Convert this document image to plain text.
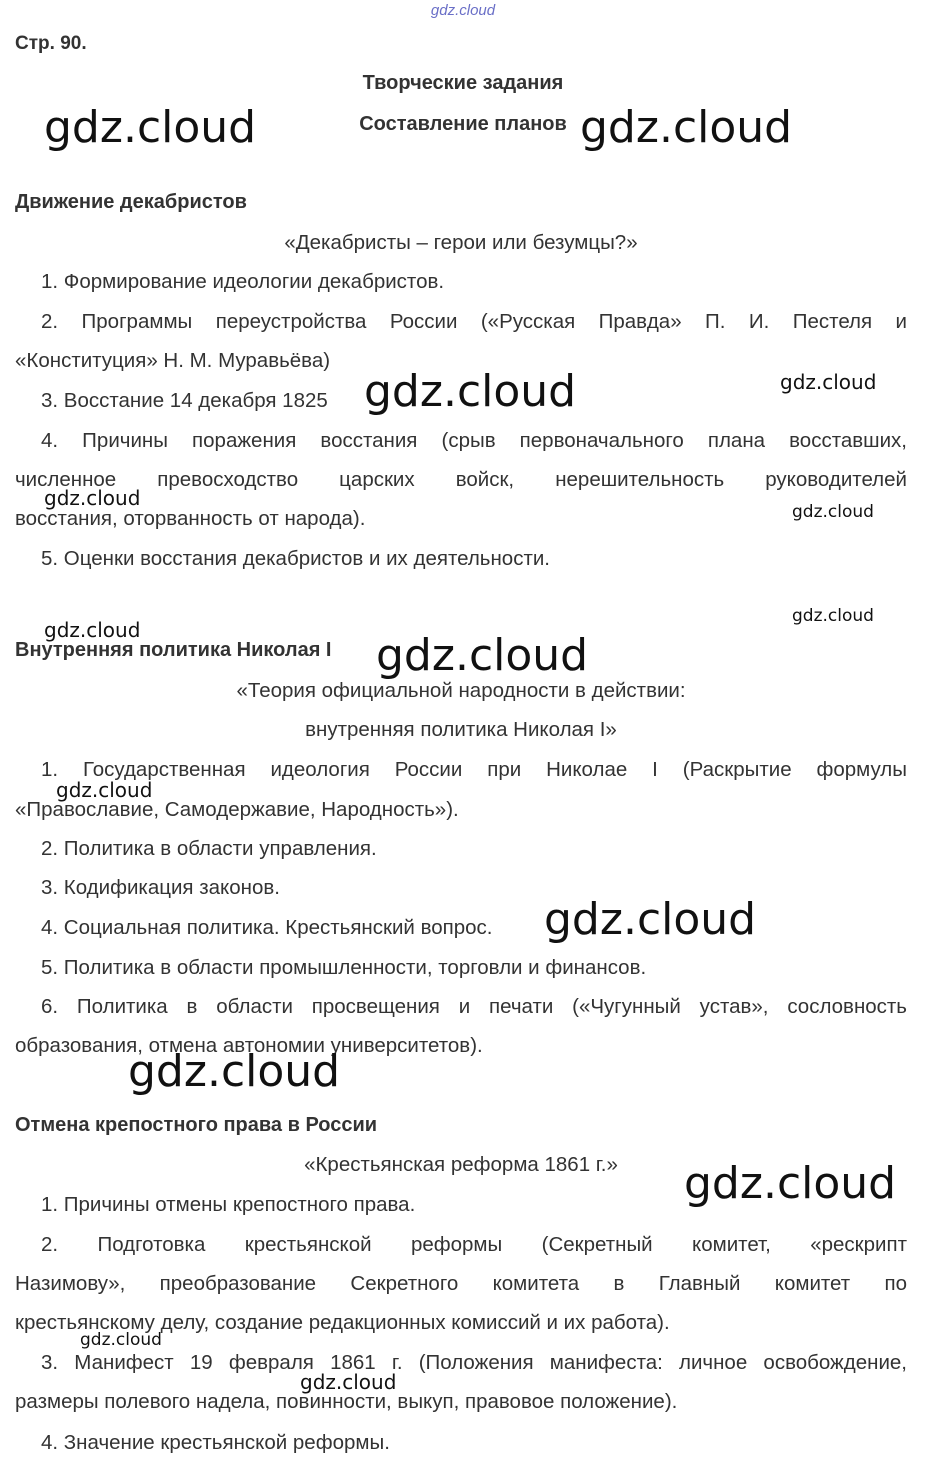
gdz.cloud
Стр. 90.
Творческие задания
Составление планов
Движение декабристов
«Декабристы – герои или безумцы?»
1. Формирование идеологии декабристов.
2. Программы переустройства России («Русская Правда» П. И. Пестеля и
«Конституция» Н. М. Муравьёва)
3. Восстание 14 декабря 1825
4. Причины поражения восстания (срыв первоначального плана восставших,
численное превосходство царских войск, нерешительность руководителей
восстания, оторванность от народа).
5. Оценки восстания декабристов и их деятельности.
Внутренняя политика Николая I
«Теория официальной народности в действии:
внутренняя политика Николая I»
1. Государственная идеология России при Николае I (Раскрытие формулы
«Православие, Самодержавие, Народность»).
2. Политика в области управления.
3. Кодификация законов.
4. Социальная политика. Крестьянский вопрос.
5. Политика в области промышленности, торговли и финансов.
6. Политика в области просвещения и печати («Чугунный устав», сословность
образования, отмена автономии университетов).
Отмена крепостного права в России
«Крестьянская реформа 1861 г.»
1. Причины отмены крепостного права.
2. Подготовка крестьянской реформы (Секретный комитет, «рескрипт
Назимову», преобразование Секретного комитета в Главный комитет по
крестьянскому делу, создание редакционных комиссий и их работа).
3. Манифест 19 февраля 1861 г. (Положения манифеста: личное освобождение,
размеры полевого надела, повинности, выкуп, правовое положение).
4. Значение крестьянской реформы.
gdz.cloud	gdz.cloud
gdz.cloud	gdz.cloud
gdz.cloud
gdz.cloud
gdz.cloud
gdz.cloud	gdz.cloud
gdz.cloud
gdz.cloud
gdz.cloud
gdz.cloud
gdz.cloud
gdz.cloud
